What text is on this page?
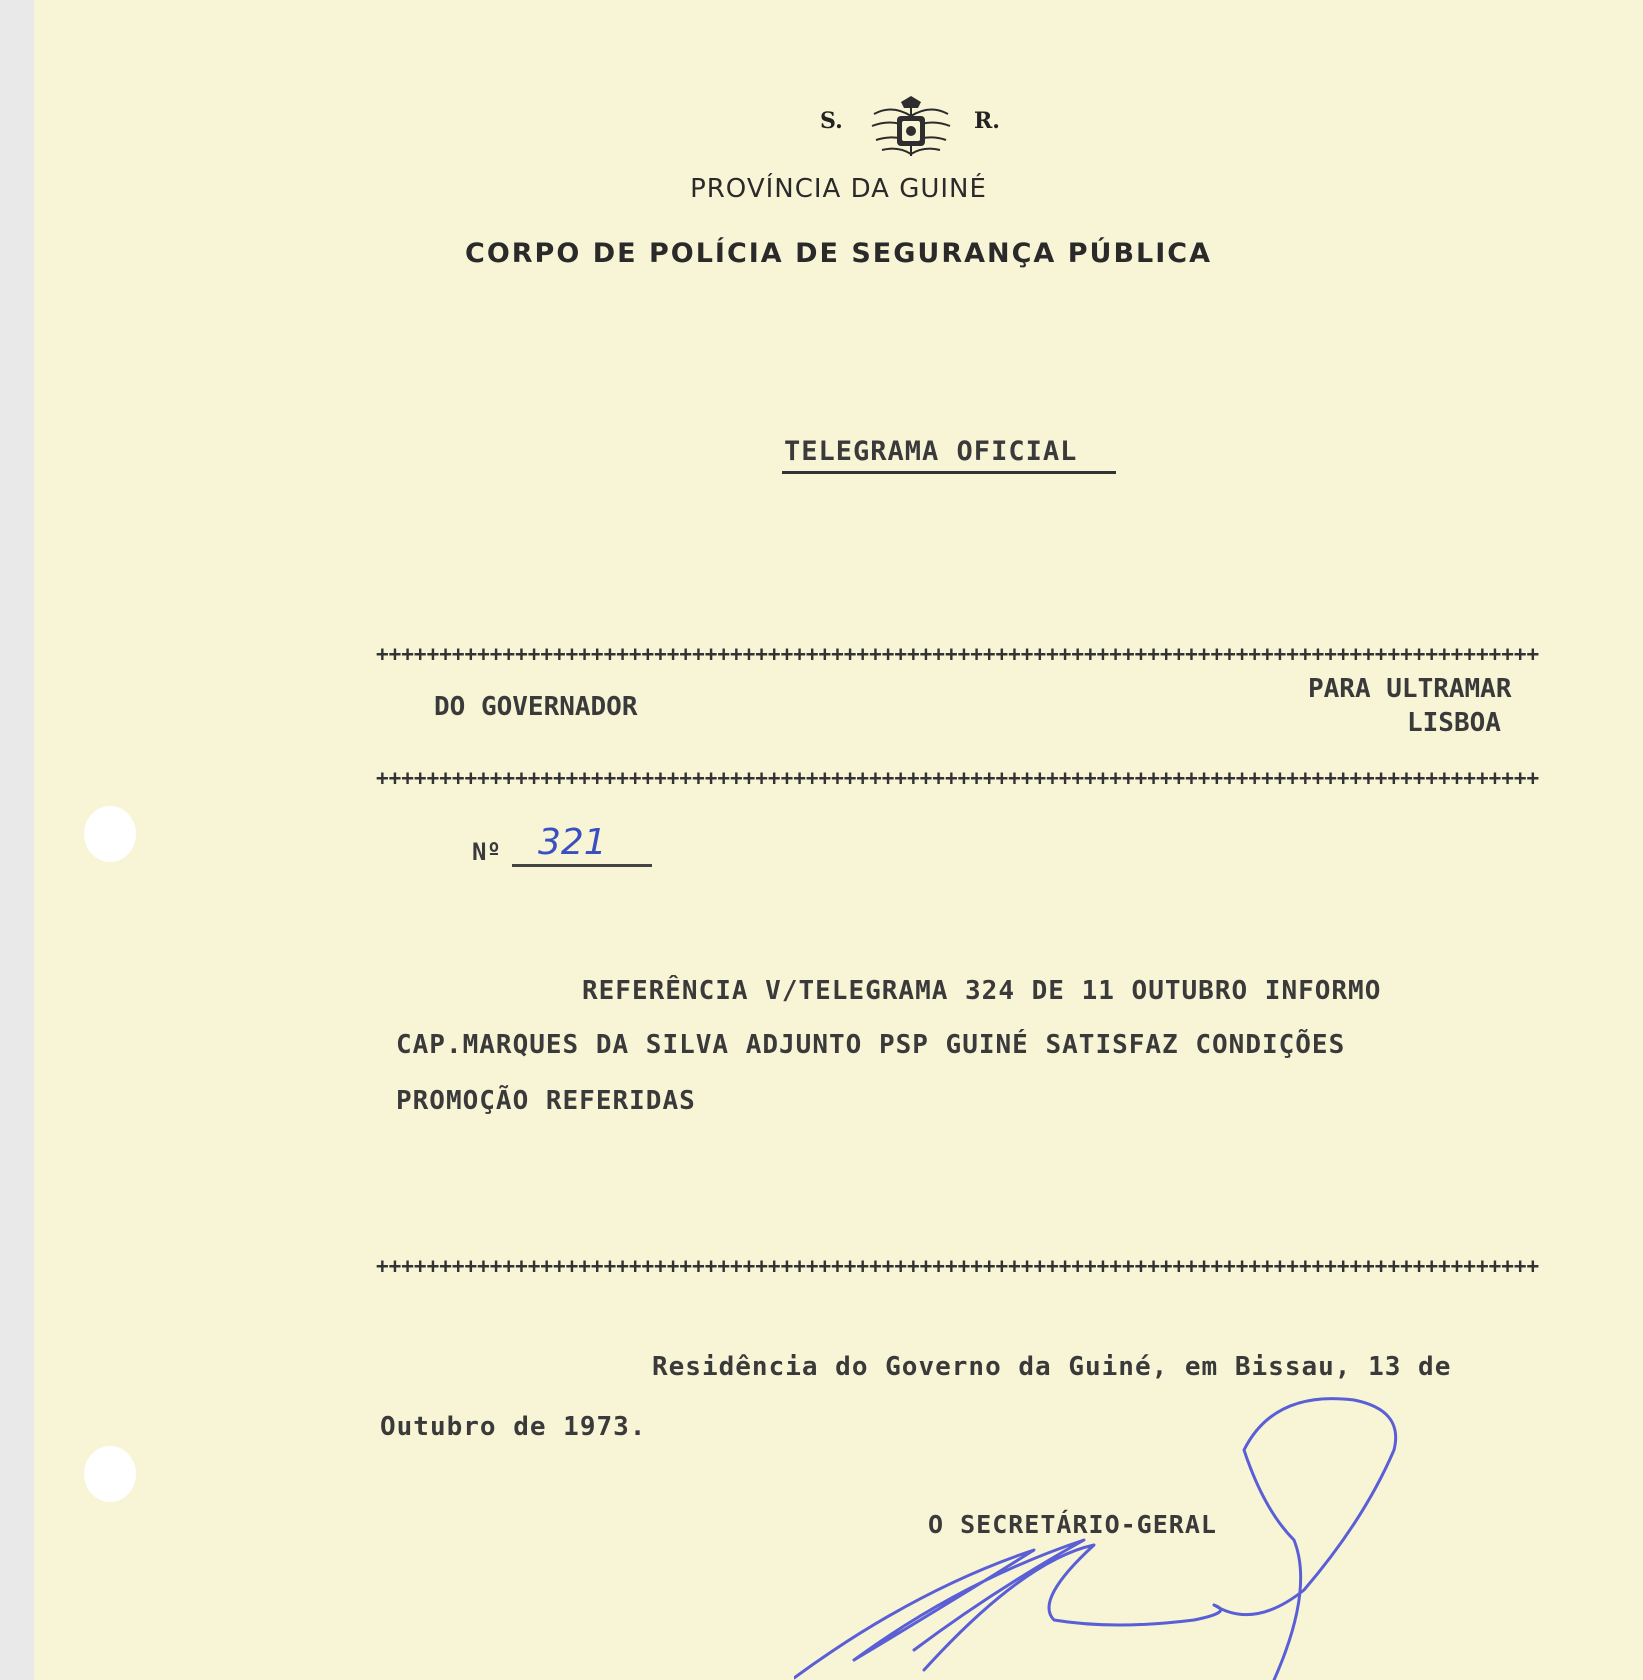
S.	R.
PROVÍNCIA DA GUINÉ
CORPO DE POLÍCIA DE SEGURANÇA PÚBLICA
TELEGRAMA OFICIAL
++++++++++++++++++++++++++++++++++++++++++++++++++++++++++++++++++++++++++++++++++++++++++++
DO GOVERNADOR
PARA ULTRAMAR
LISBOA
++++++++++++++++++++++++++++++++++++++++++++++++++++++++++++++++++++++++++++++++++++++++++++
Nº 321
REFERÊNCIA V/TELEGRAMA 324 DE 11 OUTUBRO INFORMO
CAP.MARQUES DA SILVA ADJUNTO PSP GUINÉ SATISFAZ CONDIÇÕES
PROMOÇÃO REFERIDAS
++++++++++++++++++++++++++++++++++++++++++++++++++++++++++++++++++++++++++++++++++++++++++++
Residência do Governo da Guiné, em Bissau, 13 de
Outubro de 1973.
O SECRETÁRIO-GERAL
